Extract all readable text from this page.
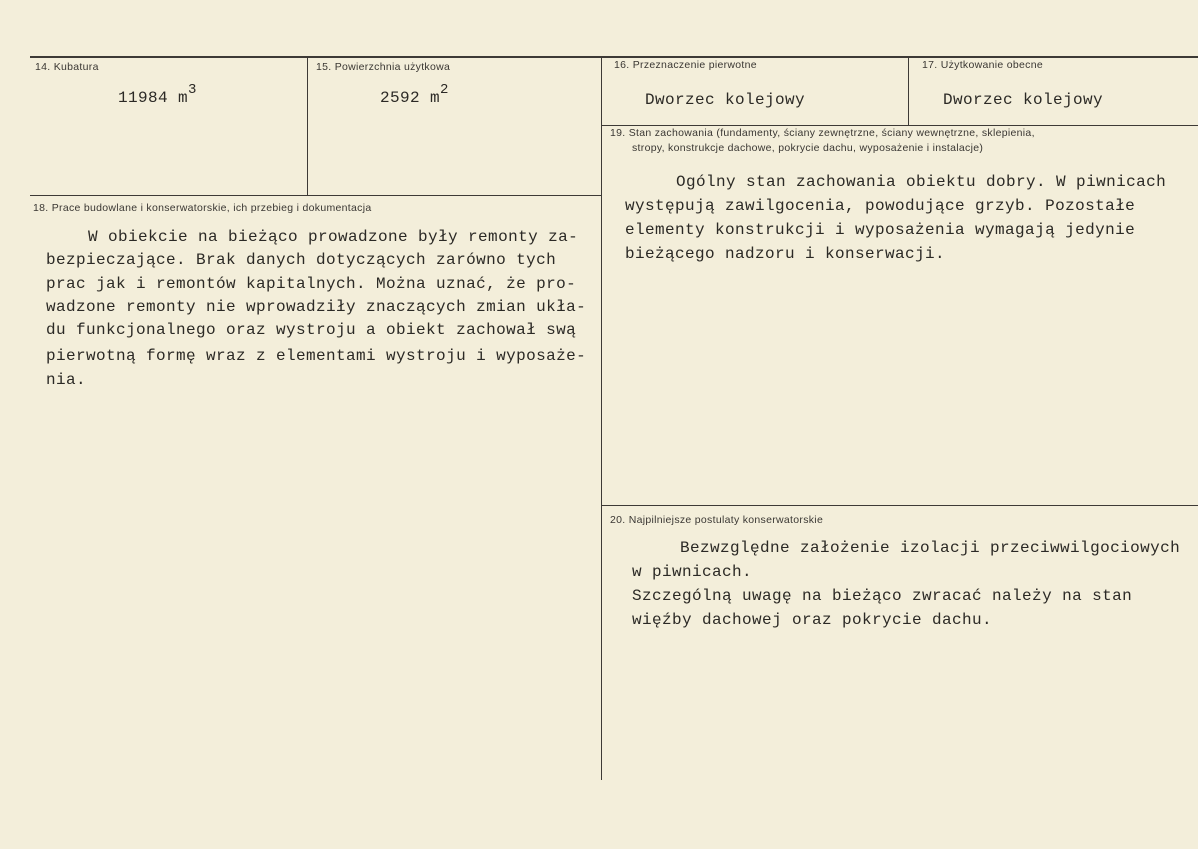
14. Kubatura
11984 m3
15. Powierzchnia użytkowa
2592 m2
16. Przeznaczenie pierwotne
Dworzec kolejowy
17. Użytkowanie obecne
Dworzec kolejowy
19. Stan zachowania (fundamenty, ściany zewnętrzne, ściany wewnętrzne, sklepienia,
stropy, konstrukcje dachowe, pokrycie dachu, wyposażenie i instalacje)
Ogólny stan zachowania obiektu dobry. W piwnicach
występują zawilgocenia, powodujące grzyb. Pozostałe
elementy konstrukcji i wyposażenia wymagają jedynie
bieżącego nadzoru i konserwacji.
18. Prace budowlane i konserwatorskie, ich przebieg i dokumentacja
W obiekcie na bieżąco prowadzone były remonty za-
bezpieczające. Brak danych dotyczących zarówno tych
prac jak i remontów kapitalnych. Można uznać, że pro-
wadzone remonty nie wprowadziły znaczących zmian ukła-
du funkcjonalnego oraz wystroju a obiekt zachował swą
pierwotną formę wraz z elementami wystroju i wyposaże-
nia.
20. Najpilniejsze postulaty konserwatorskie
Bezwzględne założenie izolacji przeciwwilgociowych
w piwnicach.
Szczególną uwagę na bieżąco zwracać należy na stan
więźby dachowej oraz pokrycie dachu.
